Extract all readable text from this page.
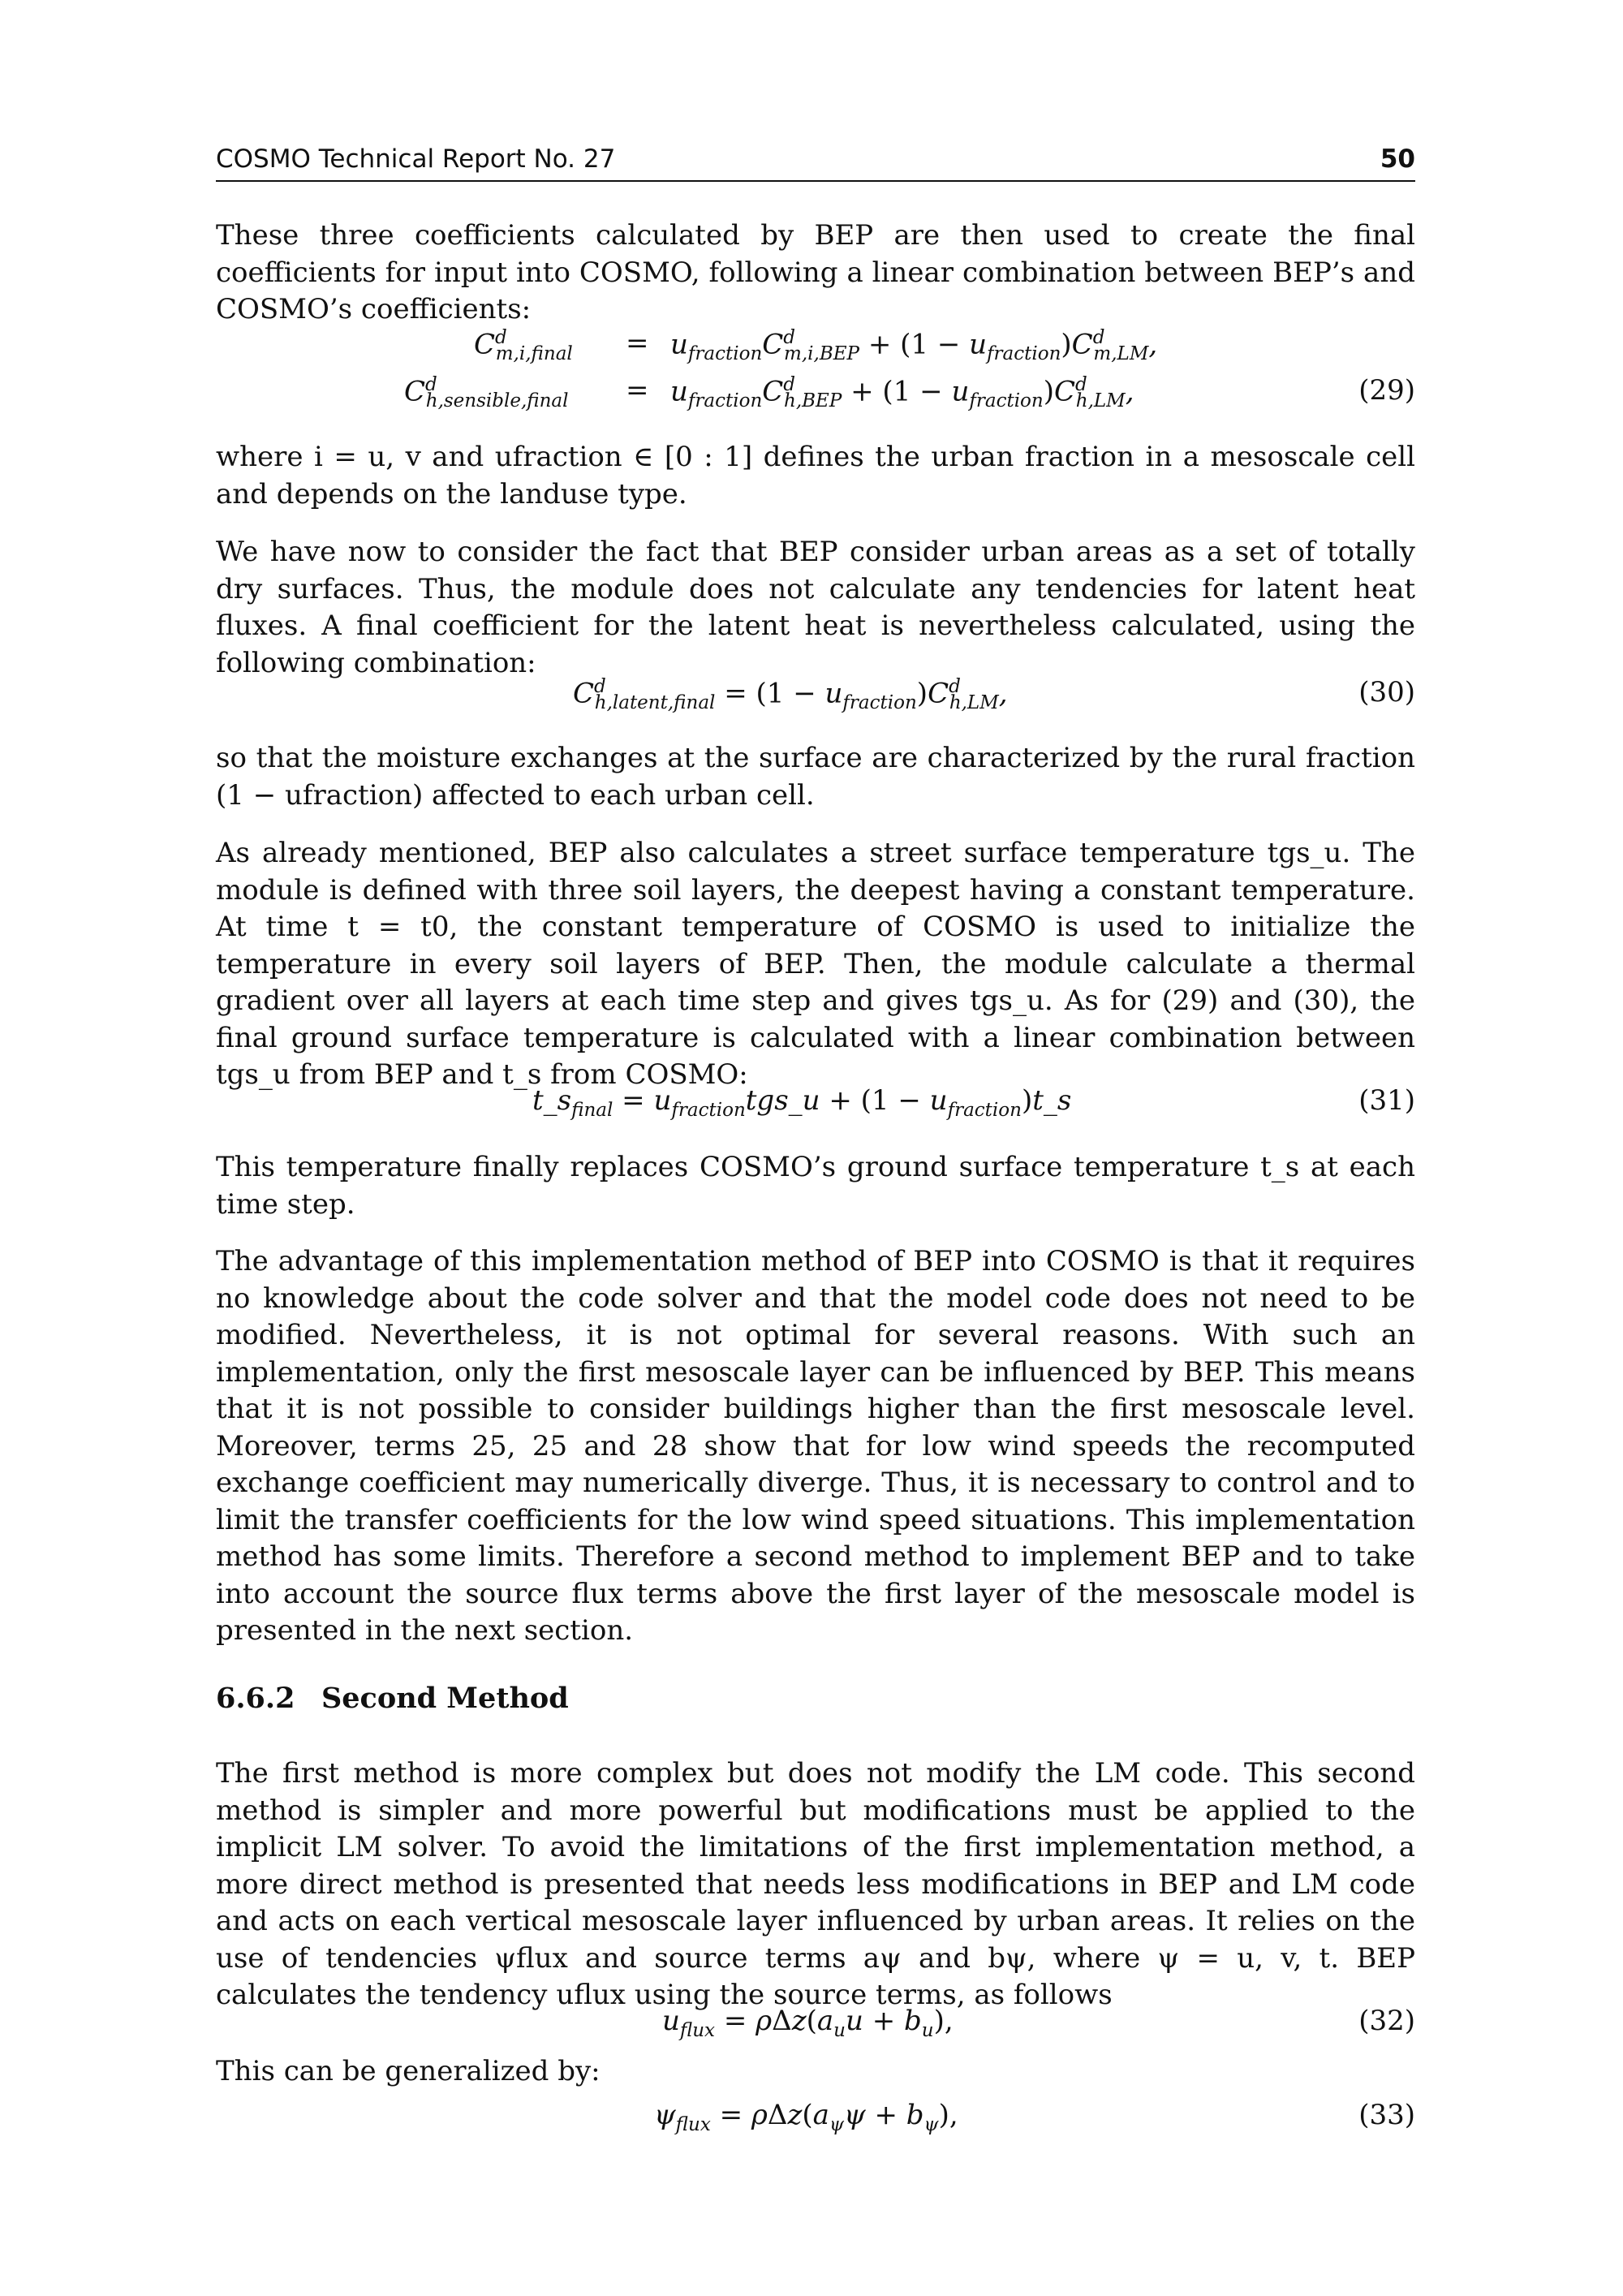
COSMO Technical Report No. 27	50
These three coefficients calculated by BEP are then used to create the final coefficients for input into COSMO, following a linear combination between BEP’s and COSMO’s coefficients:
$C^d_{m,i,final} = u_{fraction}C^d_{m,i,BEP} + (1 - u_{fraction})C^d_{m,LM}$,
$C^d_{h,sensible,final} = u_{fraction}C^d_{h,BEP} + (1 - u_{fraction})C^d_{h,LM}$,	(29)
where i = u, v and ufraction ∈ [0 : 1] defines the urban fraction in a mesoscale cell and depends on the landuse type.
We have now to consider the fact that BEP consider urban areas as a set of totally dry surfaces. Thus, the module does not calculate any tendencies for latent heat fluxes. A final coefficient for the latent heat is nevertheless calculated, using the following combination:
$C^d_{h,latent,final} = (1 - u_{fraction})C^d_{h,LM}$,	(30)
so that the moisture exchanges at the surface are characterized by the rural fraction (1 − ufraction) affected to each urban cell.
As already mentioned, BEP also calculates a street surface temperature tgs_u. The module is defined with three soil layers, the deepest having a constant temperature. At time t = t0, the constant temperature of COSMO is used to initialize the temperature in every soil layers of BEP. Then, the module calculate a thermal gradient over all layers at each time step and gives tgs_u. As for (29) and (30), the final ground surface temperature is calculated with a linear combination between tgs_u from BEP and t_s from COSMO:
$t\_s_{final}$ = $u_{fraction}tgs\_u + (1$ − $u_{fraction})t\_s$	(31)
This temperature finally replaces COSMO’s ground surface temperature t_s at each time step.
The advantage of this implementation method of BEP into COSMO is that it requires no knowledge about the code solver and that the model code does not need to be modified. Nevertheless, it is not optimal for several reasons. With such an implementation, only the first mesoscale layer can be influenced by BEP. This means that it is not possible to consider buildings higher than the first mesoscale level. Moreover, terms 25, 25 and 28 show that for low wind speeds the recomputed exchange coefficient may numerically diverge. Thus, it is necessary to control and to limit the transfer coefficients for the low wind speed situations. This implementation method has some limits. Therefore a second method to implement BEP and to take into account the source flux terms above the first layer of the mesoscale model is presented in the next section.
6.6.2 Second Method
The first method is more complex but does not modify the LM code. This second method is simpler and more powerful but modifications must be applied to the implicit LM solver. To avoid the limitations of the first implementation method, a more direct method is presented that needs less modifications in BEP and LM code and acts on each vertical mesoscale layer influenced by urban areas. It relies on the use of tendencies ψflux and source terms aψ and bψ, where ψ = u, v, t. BEP calculates the tendency uflux using the source terms, as follows
$u_{flux} = \rho\Delta z(a_uu + b_u)$,	(32)
This can be generalized by:
$\psi_{flux} = \rho\Delta z(a_\psi\psi + b_\psi)$,	(33)
